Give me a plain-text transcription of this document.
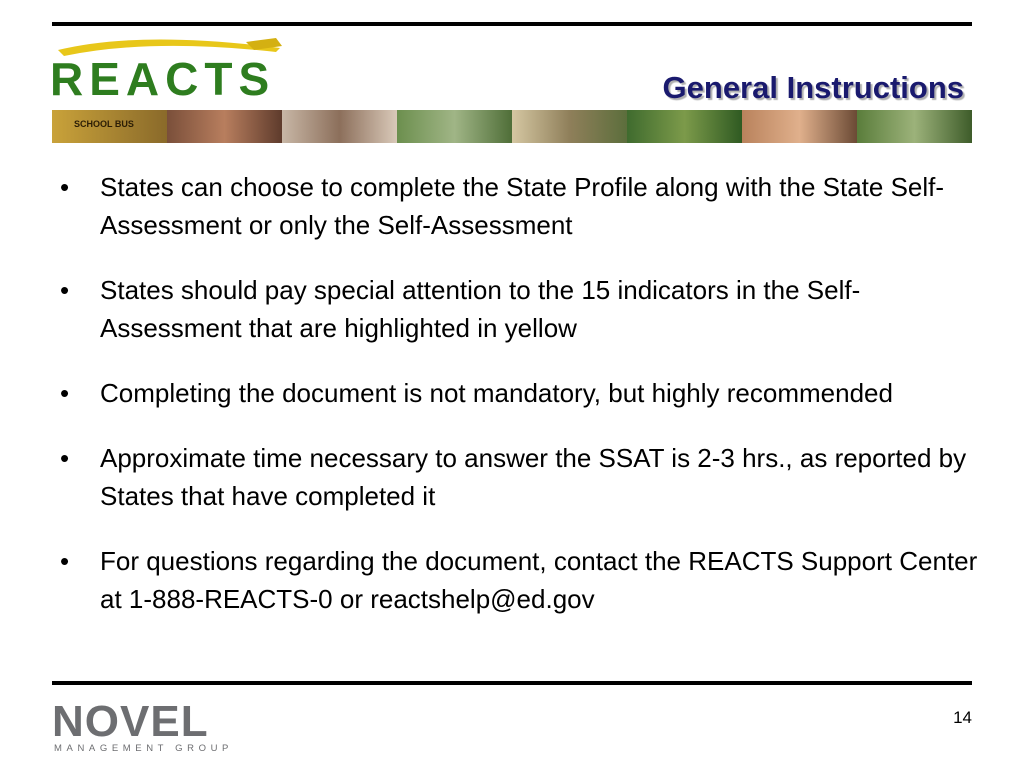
REACTS	General Instructions
SCHOOL BUS
• States can choose to complete the State Profile along with the State Self-Assessment or only the Self-Assessment
• States should pay special attention to the 15 indicators in the Self-Assessment that are highlighted in yellow
• Completing the document is not mandatory, but highly recommended
• Approximate time necessary to answer the SSAT is 2-3 hrs., as reported by States that have completed it
• For questions regarding the document, contact the REACTS Support Center at 1-888-REACTS-0 or reactshelp@ed.gov
NOVEL
MANAGEMENT GROUP
14
